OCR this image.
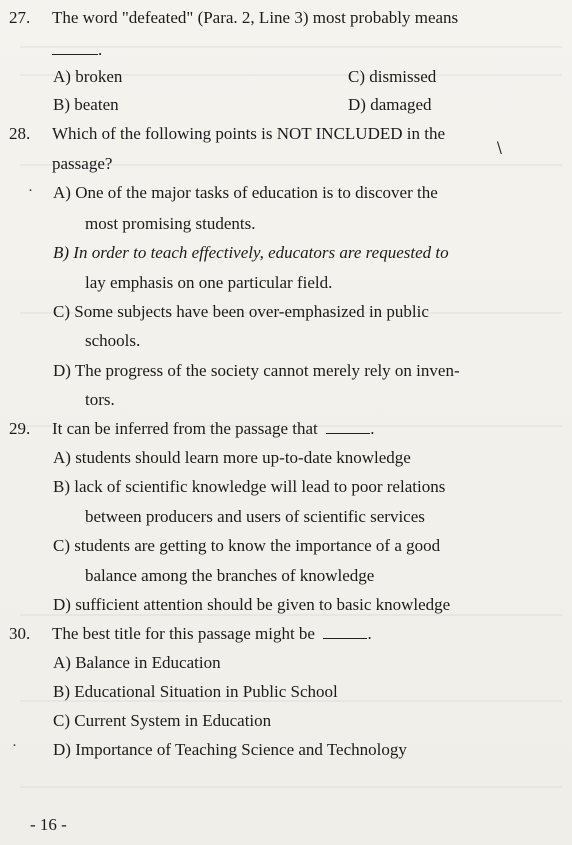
27. The word "defeated" (Para. 2, Line 3) most probably means
.
A) broken	C) dismissed
B) beaten	D) damaged
28. Which of the following points is NOT INCLUDED in the
∖
passage?
· A) One of the major tasks of education is to discover the
most promising students.
B) In order to teach effectively, educators are requested to
lay emphasis on one particular field.
C) Some subjects have been over-emphasized in public
schools.
D) The progress of the society cannot merely rely on inven-
tors.
29. It can be inferred from the passage that	.
A) students should learn more up-to-date knowledge
B) lack of scientific knowledge will lead to poor relations
between producers and users of scientific services
C) students are getting to know the importance of a good
balance among the branches of knowledge
D) sufficient attention should be given to basic knowledge
30. The best title for this passage might be	.
A) Balance in Education
B) Educational Situation in Public School
C) Current System in Education
· D) Importance of Teaching Science and Technology
- 16 -
